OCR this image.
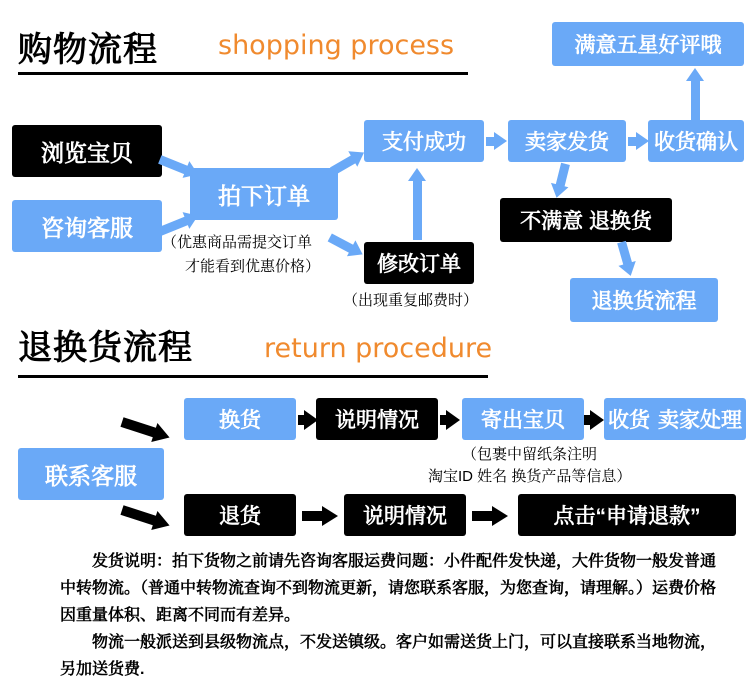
购物流程 shopping process
浏览宝贝
咨询客服
拍下订单
支付成功
修改订单
卖家发货	收货确认
满意五星好评哦
不满意 退换货
退换货流程
（优惠商品需提交订单
才能看到优惠价格）
（出现重复邮费时）
退换货流程	return procedure
联系客服
换货	说明情况	寄出宝贝	收货 卖家处理
退货	说明情况	点击“申请退款”
（包裹中留纸条注明
淘宝ID 姓名 换货产品等信息）
发货说明：拍下货物之前请先咨询客服运费问题：小件配件发快递，大件货物一般发普通中转物流。（普通中转物流查询不到物流更新，请您联系客服，为您查询，请理解。）运费价格因重量体积、距离不同而有差异。
物流一般派送到县级物流点，不发送镇级。客户如需送货上门，可以直接联系当地物流，另加送货费.
